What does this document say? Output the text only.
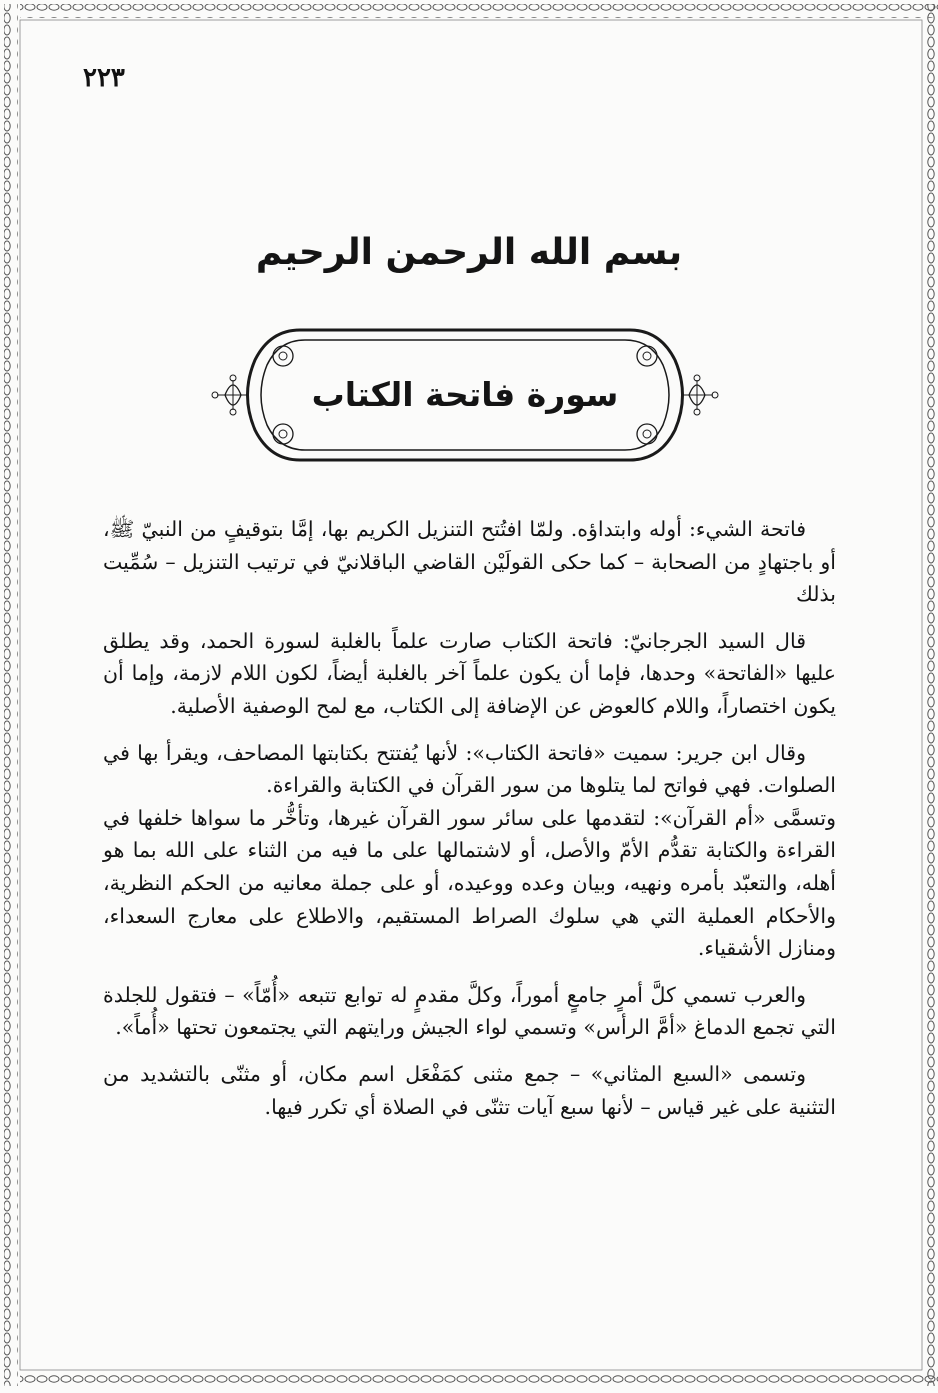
٢٢٣
بسم الله الرحمن الرحيم
سورة فاتحة الكتاب

فاتحة الشيء: أوله وابتداؤه. ولمّا افتُتح التنزيل الكريم بها، إمَّا بتوقيفٍ من النبيّ ﷺ، أو باجتهادٍ من الصحابة – كما حكى القولَيْن القاضي الباقلانيّ في ترتيب التنزيل – سُمِّيت بذلك

قال السيد الجرجانيّ: فاتحة الكتاب صارت علماً بالغلبة لسورة الحمد، وقد يطلق عليها «الفاتحة» وحدها، فإما أن يكون علماً آخر بالغلبة أيضاً، لكون اللام لازمة، وإما أن يكون اختصاراً، واللام كالعوض عن الإضافة إلى الكتاب، مع لمح الوصفية الأصلية.

وقال ابن جرير: سميت «فاتحة الكتاب»: لأنها يُفتتح بكتابتها المصاحف، ويقرأ بها في الصلوات. فهي فواتح لما يتلوها من سور القرآن في الكتابة والقراءة.

وتسمَّى «أم القرآن»: لتقدمها على سائر سور القرآن غيرها، وتأخُّر ما سواها خلفها في القراءة والكتابة تقدُّم الأمّ والأصل، أو لاشتمالها على ما فيه من الثناء على الله بما هو أهله، والتعبّد بأمره ونهيه، وبيان وعده ووعيده، أو على جملة معانيه من الحكم النظرية، والأحكام العملية التي هي سلوك الصراط المستقيم، والاطلاع على معارج السعداء، ومنازل الأشقياء.

والعرب تسمي كلَّ أمرٍ جامعٍ أموراً، وكلَّ مقدمٍ له توابع تتبعه «أُمّاً» – فتقول للجلدة التي تجمع الدماغ «أمَّ الرأس» وتسمي لواء الجيش ورايتهم التي يجتمعون تحتها «أُماً».

وتسمى «السبع المثاني» – جمع مثنى كمَفْعَل اسم مكان، أو مثنّى بالتشديد من التثنية على غير قياس – لأنها سبع آيات تثنّى في الصلاة أي تكرر فيها.
